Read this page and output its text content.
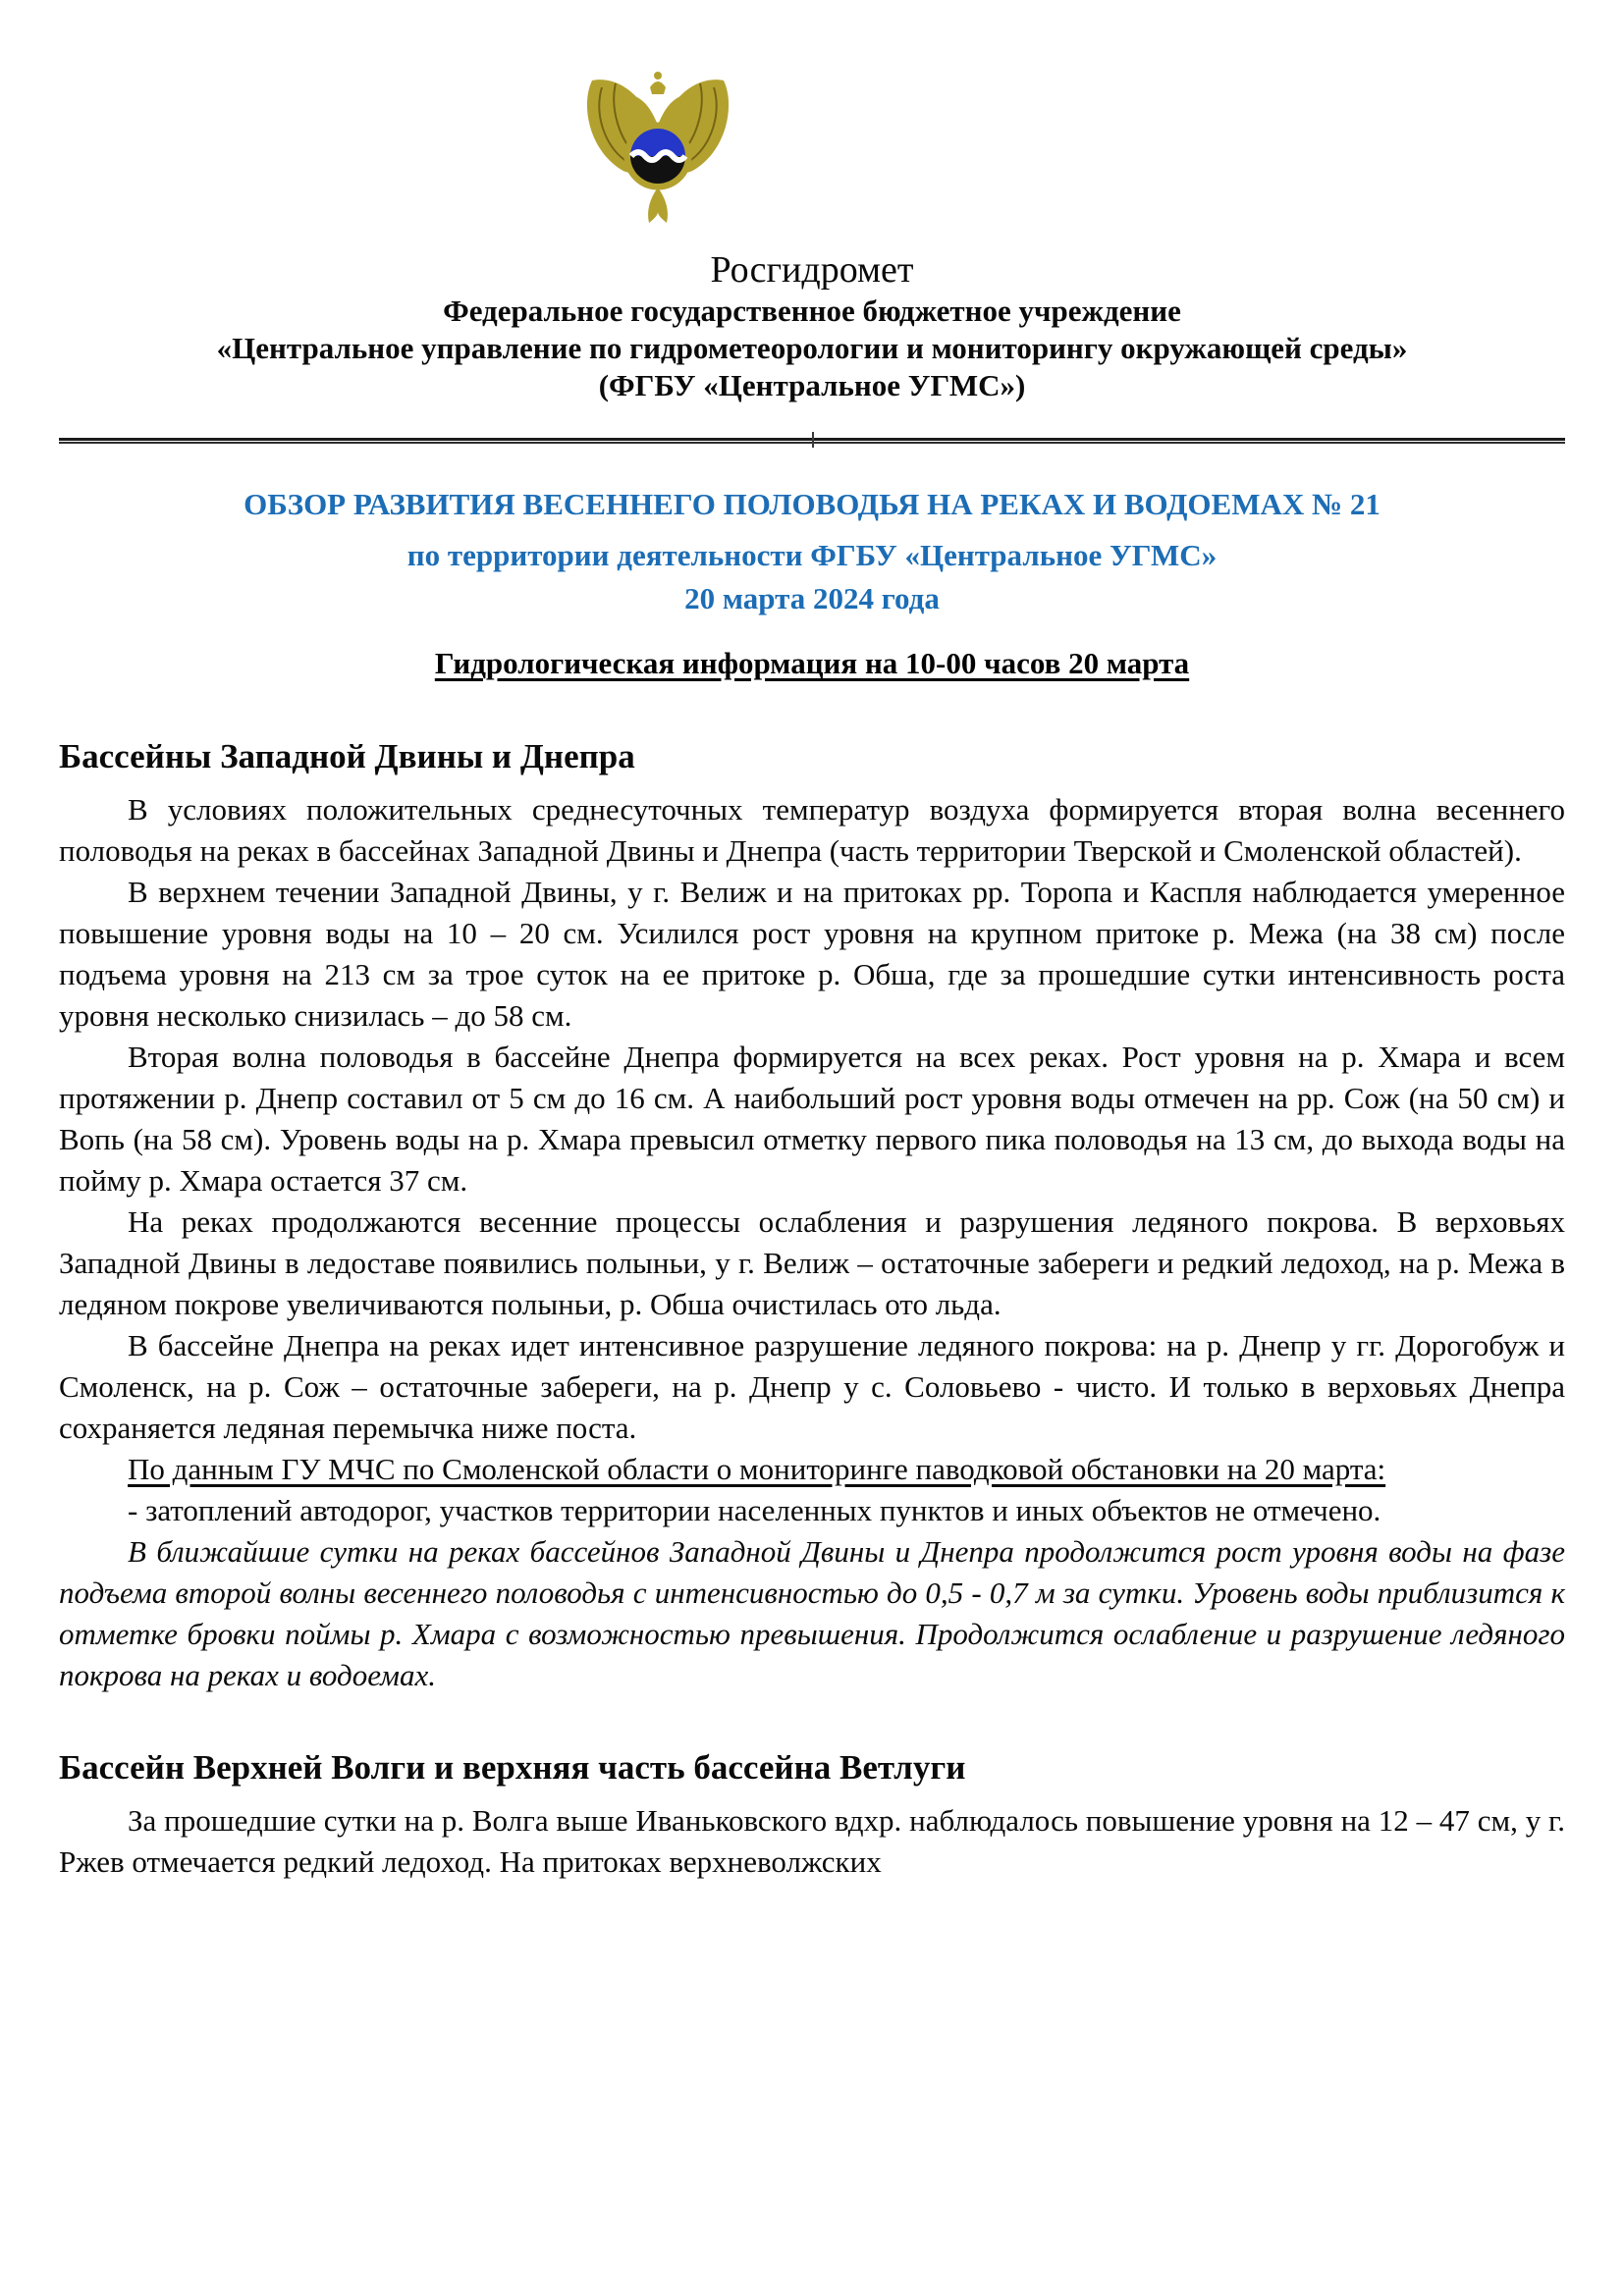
Росгидромет
Федеральное государственное бюджетное учреждение
«Центральное управление по гидрометеорологии и мониторингу окружающей среды»
(ФГБУ «Центральное УГМС»)
ОБЗОР РАЗВИТИЯ ВЕСЕННЕГО ПОЛОВОДЬЯ НА РЕКАХ И ВОДОЕМАХ № 21
по территории деятельности ФГБУ «Центральное УГМС»
20 марта 2024 года
Гидрологическая информация на 10-00 часов 20 марта
Бассейны Западной Двины и Днепра

В условиях положительных среднесуточных температур воздуха формируется вторая волна весеннего половодья на реках в бассейнах Западной Двины и Днепра (часть территории Тверской и Смоленской областей).

В верхнем течении Западной Двины, у г. Велиж и на притоках рр. Торопа и Каспля наблюдается умеренное повышение уровня воды на 10 – 20 см. Усилился рост уровня на крупном притоке р. Межа (на 38 см) после подъема уровня на 213 см за трое суток на ее притоке р. Обша, где за прошедшие сутки интенсивность роста уровня несколько снизилась – до 58 см.

Вторая волна половодья в бассейне Днепра формируется на всех реках. Рост уровня на р. Хмара и всем протяжении р. Днепр составил от 5 см до 16 см. А наибольший рост уровня воды отмечен на рр. Сож (на 50 см) и Вопь (на 58 см). Уровень воды на р. Хмара превысил отметку первого пика половодья на 13 см, до выхода воды на пойму р. Хмара остается 37 см.

На реках продолжаются весенние процессы ослабления и разрушения ледяного покрова. В верховьях Западной Двины в ледоставе появились полыньи, у г. Велиж – остаточные забереги и редкий ледоход, на р. Межа в ледяном покрове увеличиваются полыньи, р. Обша очистилась ото льда.

В бассейне Днепра на реках идет интенсивное разрушение ледяного покрова: на р. Днепр у гг. Дорогобуж и Смоленск, на р. Сож – остаточные забереги, на р. Днепр у с. Соловьево - чисто. И только в верховьях Днепра сохраняется ледяная перемычка ниже поста.

По данным ГУ МЧС по Смоленской области о мониторинге паводковой обстановки на 20 марта:

- затоплений автодорог, участков территории населенных пунктов и иных объектов не отмечено.

В ближайшие сутки на реках бассейнов Западной Двины и Днепра продолжится рост уровня воды на фазе подъема второй волны весеннего половодья с интенсивностью до 0,5 - 0,7 м за сутки. Уровень воды приблизится к отметке бровки поймы р. Хмара с возможностью превышения. Продолжится ослабление и разрушение ледяного покрова на реках и водоемах.

Бассейн Верхней Волги и верхняя часть бассейна Ветлуги

За прошедшие сутки на р. Волга выше Иваньковского вдхр. наблюдалось повышение уровня на 12 – 47 см, у г. Ржев отмечается редкий ледоход. На притоках верхневолжских
